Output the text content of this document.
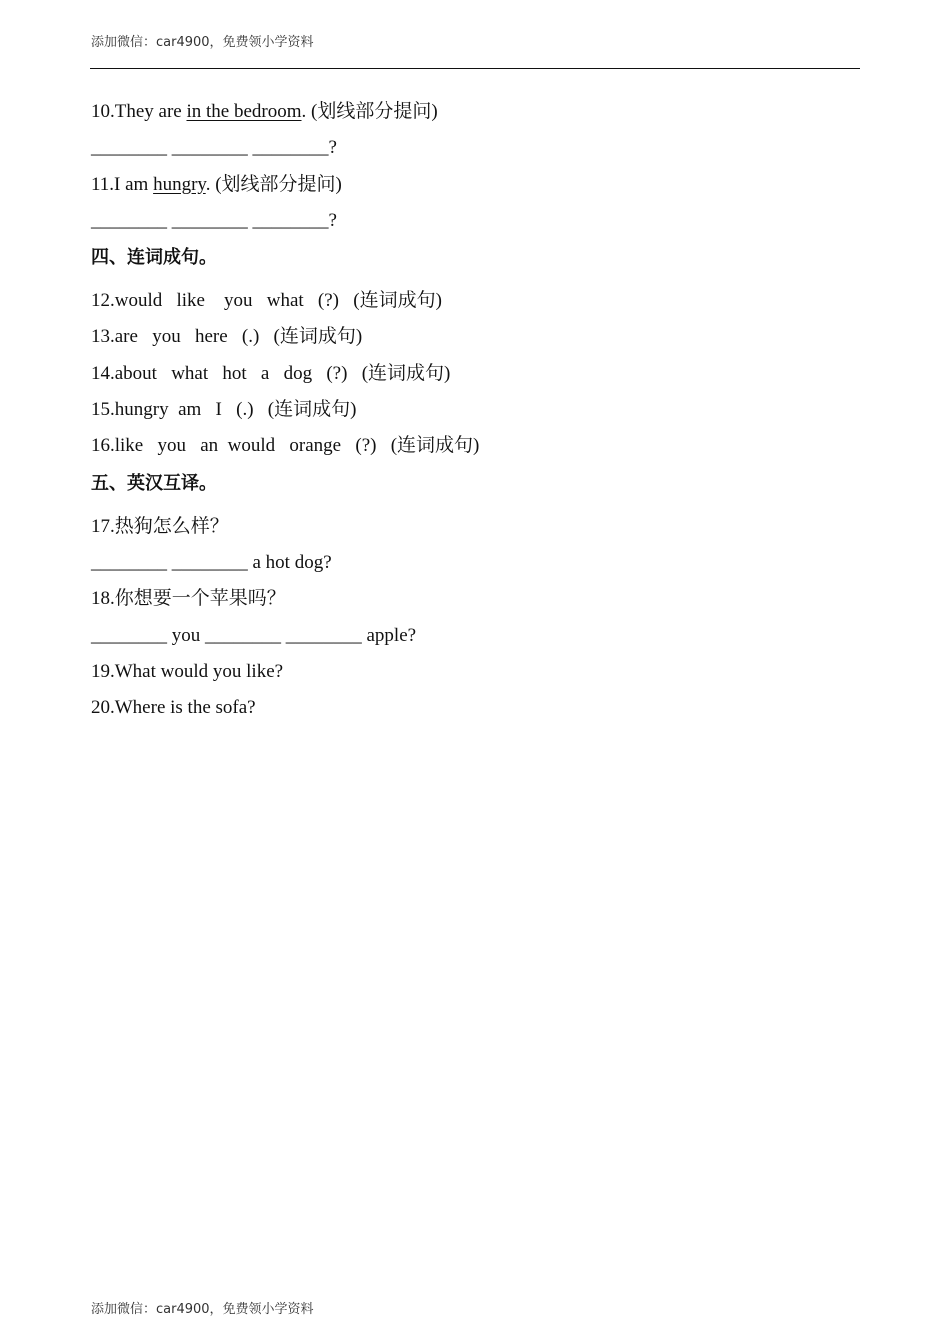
添加微信：car4900，免费领小学资料
10.They are in the bedroom. (划线部分提问)
________ ________ ________?
11.I am hungry. (划线部分提问)
________ ________ ________?
四、连词成句。
12.would   like    you   what   (?)   (连词成句)
13.are   you   here   (.)   (连词成句)
14.about   what   hot   a   dog   (?)   (连词成句)
15.hungry  am   I   (.)   (连词成句)
16.like   you   an  would   orange   (?)   (连词成句)
五、英汉互译。
17.热狗怎么样？
________ ________ a hot dog?
18.你想要一个苹果吗？
________ you ________ ________ apple?
19.What would you like?
20.Where is the sofa?
添加微信：car4900，免费领小学资料
